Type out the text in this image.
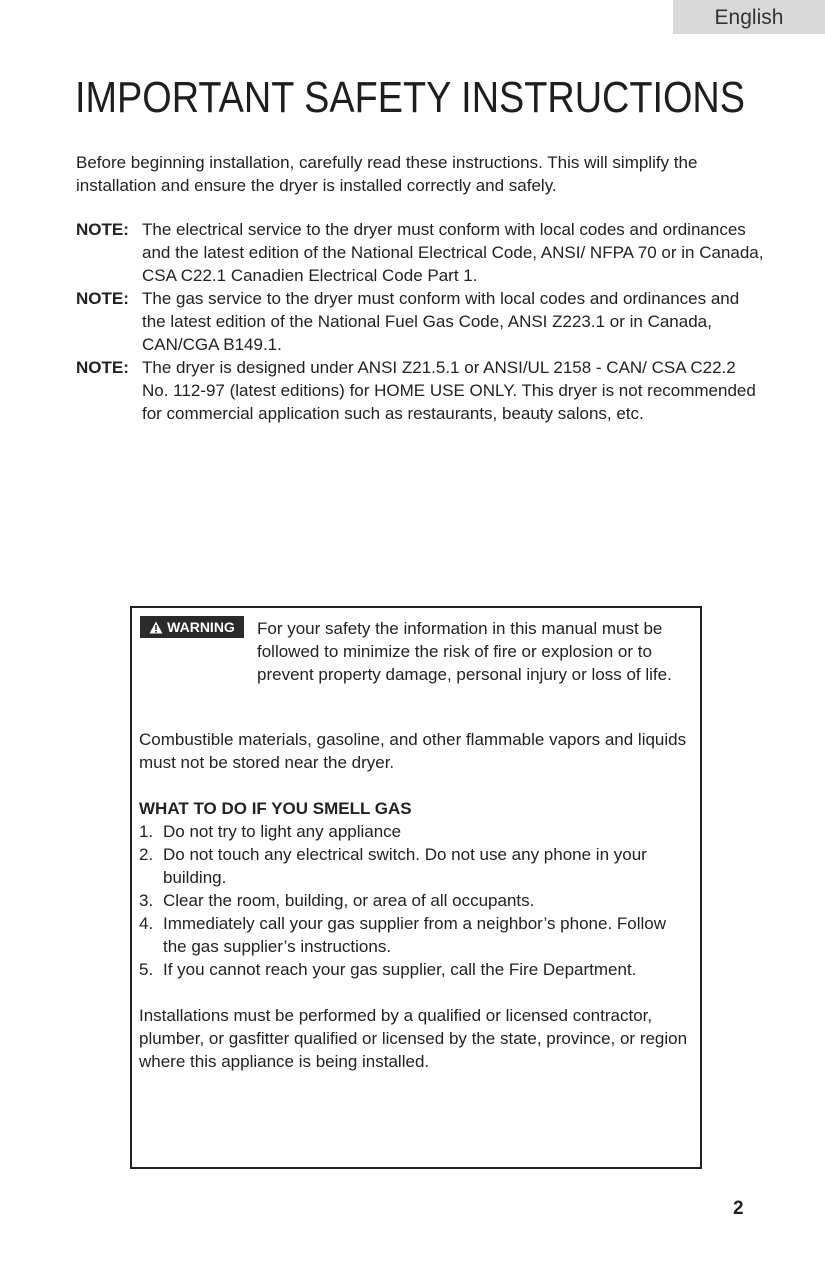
English
IMPORTANT SAFETY INSTRUCTIONS

Before beginning installation, carefully read these instructions. This will simplify the installation and ensure the dryer is installed correctly and safely.

NOTE: The electrical service to the dryer must conform with local codes and ordinances and the latest edition of the National Electrical Code, ANSI/ NFPA 70 or in Canada, CSA C22.1 Canadien Electrical Code Part 1.
NOTE: The gas service to the dryer must conform with local codes and ordinances and the latest edition of the National Fuel Gas Code, ANSI Z223.1 or in Canada, CAN/CGA B149.1.
NOTE: The dryer is designed under ANSI Z21.5.1 or ANSI/UL 2158 - CAN/ CSA C22.2 No. 112-97 (latest editions) for HOME USE ONLY. This dryer is not recommended for commercial application such as restaurants, beauty salons, etc.
WARNING For your safety the information in this manual must be followed to minimize the risk of fire or explosion or to prevent property damage, personal injury or loss of life.

Combustible materials, gasoline, and other flammable vapors and liquids must not be stored near the dryer.

WHAT TO DO IF YOU SMELL GAS

1. Do not try to light any appliance
2. Do not touch any electrical switch. Do not use any phone in your building.
3. Clear the room, building, or area of all occupants.
4. Immediately call your gas supplier from a neighbor’s phone. Follow the gas supplier’s instructions.
5. If you cannot reach your gas supplier, call the Fire Department.

Installations must be performed by a qualified or licensed contractor, plumber, or gasfitter qualified or licensed by the state, province, or region where this appliance is being installed.

2
